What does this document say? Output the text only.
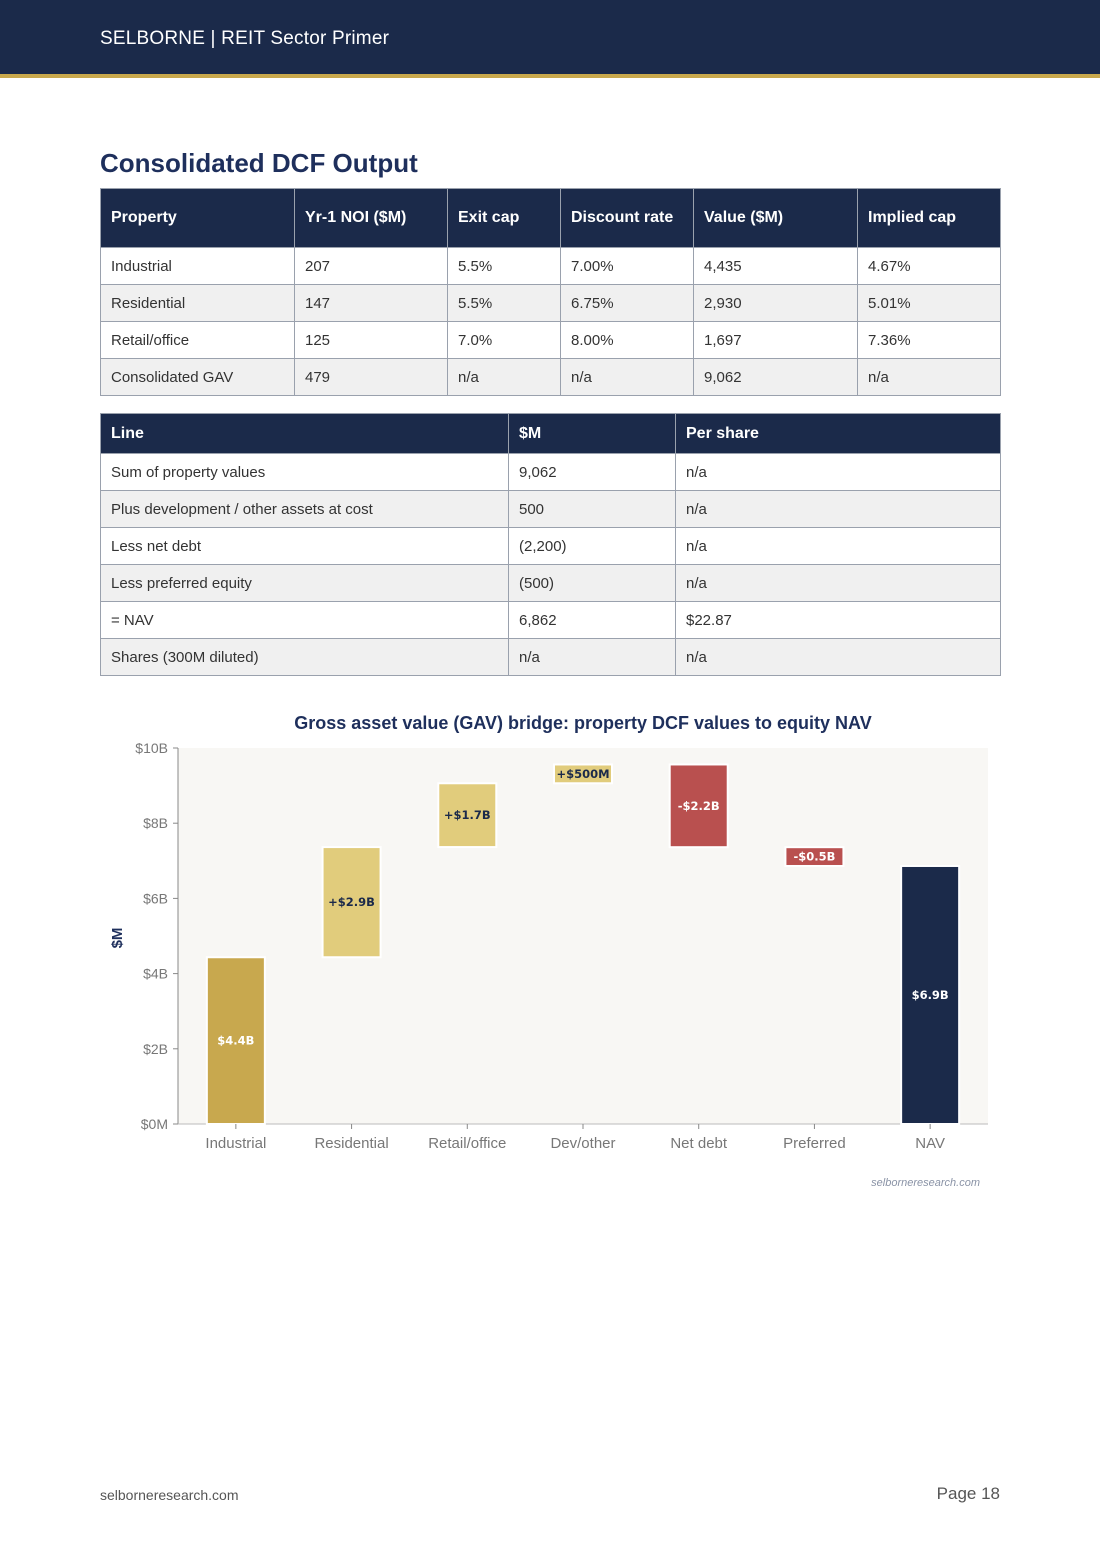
SELBORNE | REIT Sector Primer
Consolidated DCF Output
Property	Yr-1 NOI ($M)	Exit cap	Discount rate	Value ($M)	Implied cap
Industrial	207	5.5%	7.00%	4,435	4.67%
Residential	147	5.5%	6.75%	2,930	5.01%
Retail/office	125	7.0%	8.00%	1,697	7.36%
Consolidated GAV	479	n/a	n/a	9,062	n/a
Line	$M	Per share
Sum of property values	9,062	n/a
Plus development / other assets at cost	500	n/a
Less net debt	(2,200)	n/a
Less preferred equity	(500)	n/a
= NAV	6,862	$22.87
Shares (300M diluted)	n/a	n/a
Gross asset value (GAV) bridge: property DCF values to equity NAV
$M
$0M
$2B
$4B
$6B
$8B
$10B
$4.4B
Industrial
+$2.9B
Residential
+$1.7B
Retail/office
+$500M
Dev/other
-$2.2B
Net debt
-$0.5B
Preferred
$6.9B
NAV
selborneresearch.com
selborneresearch.com	Page 18
